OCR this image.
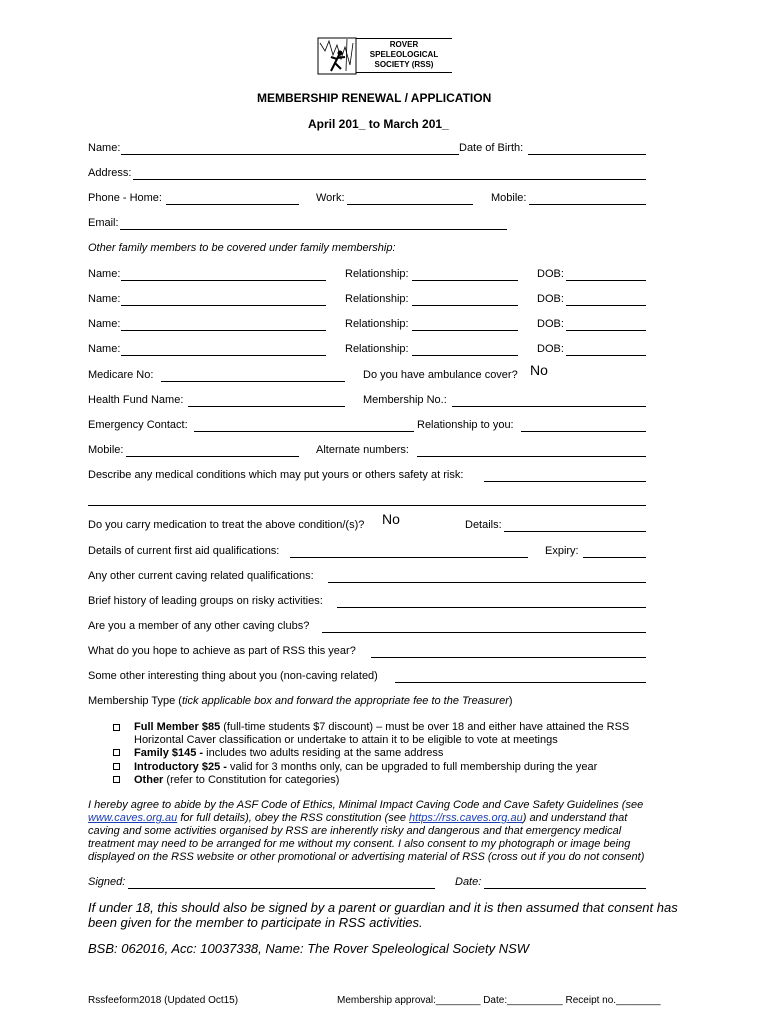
ROVER
SPELEOLOGICAL
SOCIETY (RSS)
MEMBERSHIP RENEWAL / APPLICATION
April 201_ to March 201_
Name:	Date of Birth:
Address:
Phone - Home:	Work:	Mobile:
Email:
Other family members to be covered under family membership:
Name:	Relationship:	DOB:
Name:	Relationship:	DOB:
Name:	Relationship:	DOB:
Name:	Relationship:	DOB:
Medicare No:	Do you have ambulance cover? No
Health Fund Name:	Membership No.:
Emergency Contact:	Relationship to you:
Mobile:	Alternate numbers:
Describe any medical conditions which may put yours or others safety at risk:
Do you carry medication to treat the above condition/(s)? No	Details:
Details of current first aid qualifications:	Expiry:
Any other current caving related qualifications:
Brief history of leading groups on risky activities:
Are you a member of any other caving clubs?
What do you hope to achieve as part of RSS this year?
Some other interesting thing about you (non-caving related)
Membership Type (tick applicable box and forward the appropriate fee to the Treasurer)
Full Member $85 (full-time students $7 discount) – must be over 18 and either have attained the RSS
Horizontal Caver classification or undertake to attain it to be eligible to vote at meetings
Family $145 - includes two adults residing at the same address
Introductory $25 - valid for 3 months only, can be upgraded to full membership during the year
Other (refer to Constitution for categories)
I hereby agree to abide by the ASF Code of Ethics, Minimal Impact Caving Code and Cave Safety Guidelines (see
www.caves.org.au for full details), obey the RSS constitution (see https://rss.caves.org.au) and understand that
caving and some activities organised by RSS are inherently risky and dangerous and that emergency medical
treatment may need to be arranged for me without my consent. I also consent to my photograph or image being
displayed on the RSS website or other promotional or advertising material of RSS (cross out if you do not consent)
Signed:	Date:
If under 18, this should also be signed by a parent or guardian and it is then assumed that consent has
been given for the member to participate in RSS activities.
BSB: 062016, Acc: 10037338, Name: The Rover Speleological Society NSW
Rssfeeform2018 (Updated Oct15)	Membership approval:________ Date:__________ Receipt no.________
